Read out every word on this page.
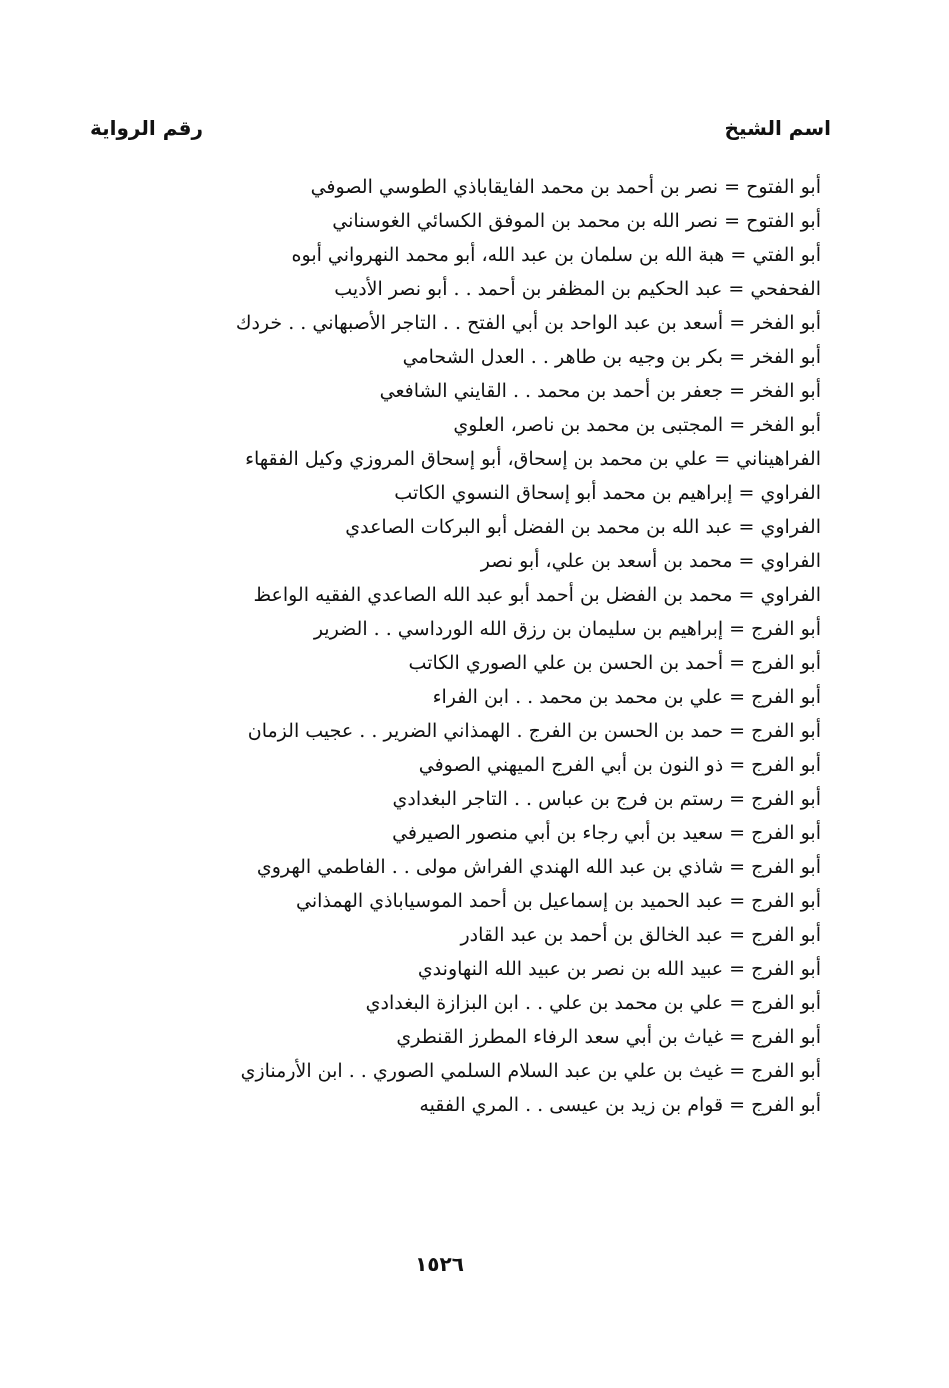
اسم الشيخ
رقم الرواية
أبو الفتوح = نصر بن أحمد بن محمد الفايقاباذي الطوسي الصوفي
أبو الفتوح = نصر الله بن محمد بن الموفق الكسائي الغوسناني
أبو الفتي = هبة الله بن سلمان بن عبد الله، أبو محمد النهرواني أبوه
الفحفحي = عبد الحكيم بن المظفر بن أحمد . . أبو نصر الأديب
أبو الفخر = أسعد بن عبد الواحد بن أبي الفتح . . التاجر الأصبهاني . . خردك
أبو الفخر = بكر بن وجيه بن طاهر . . العدل الشحامي
أبو الفخر = جعفر بن أحمد بن محمد . . القايني الشافعي
أبو الفخر = المجتبى بن محمد بن ناصر، العلوي
الفراهيناني = علي بن محمد بن إسحاق، أبو إسحاق المروزي وكيل الفقهاء
الفراوي = إبراهيم بن محمد أبو إسحاق النسوي الكاتب
الفراوي = عبد الله بن محمد بن الفضل أبو البركات الصاعدي
الفراوي = محمد بن أسعد بن علي، أبو نصر
الفراوي = محمد بن الفضل بن أحمد أبو عبد الله الصاعدي الفقيه الواعظ
أبو الفرج = إبراهيم بن سليمان بن رزق الله الورداسي . . الضرير
أبو الفرج = أحمد بن الحسن بن علي الصوري الكاتب
أبو الفرج = علي بن محمد بن محمد . . ابن الفراء
أبو الفرج = حمد بن الحسن بن الفرج . الهمذاني الضرير . . عجيب الزمان
أبو الفرج = ذو النون بن أبي الفرج الميهني الصوفي
أبو الفرج = رستم بن فرج بن عباس . . التاجر البغدادي
أبو الفرج = سعيد بن أبي رجاء بن أبي منصور الصيرفي
أبو الفرج = شاذي بن عبد الله الهندي الفراش مولى . . الفاطمي الهروي
أبو الفرج = عبد الحميد بن إسماعيل بن أحمد الموسياباذي الهمذاني
أبو الفرج = عبد الخالق بن أحمد بن عبد القادر
أبو الفرج = عبيد الله بن نصر بن عبيد الله النهاوندي
أبو الفرج = علي بن محمد بن علي . . ابن البزازة البغدادي
أبو الفرج = غياث بن أبي سعد الرفاء المطرز القنطري
أبو الفرج = غيث بن علي بن عبد السلام السلمي الصوري . . ابن الأرمنازي
أبو الفرج = قوام بن زيد بن عيسى . . المري الفقيه
١٥٢٦
